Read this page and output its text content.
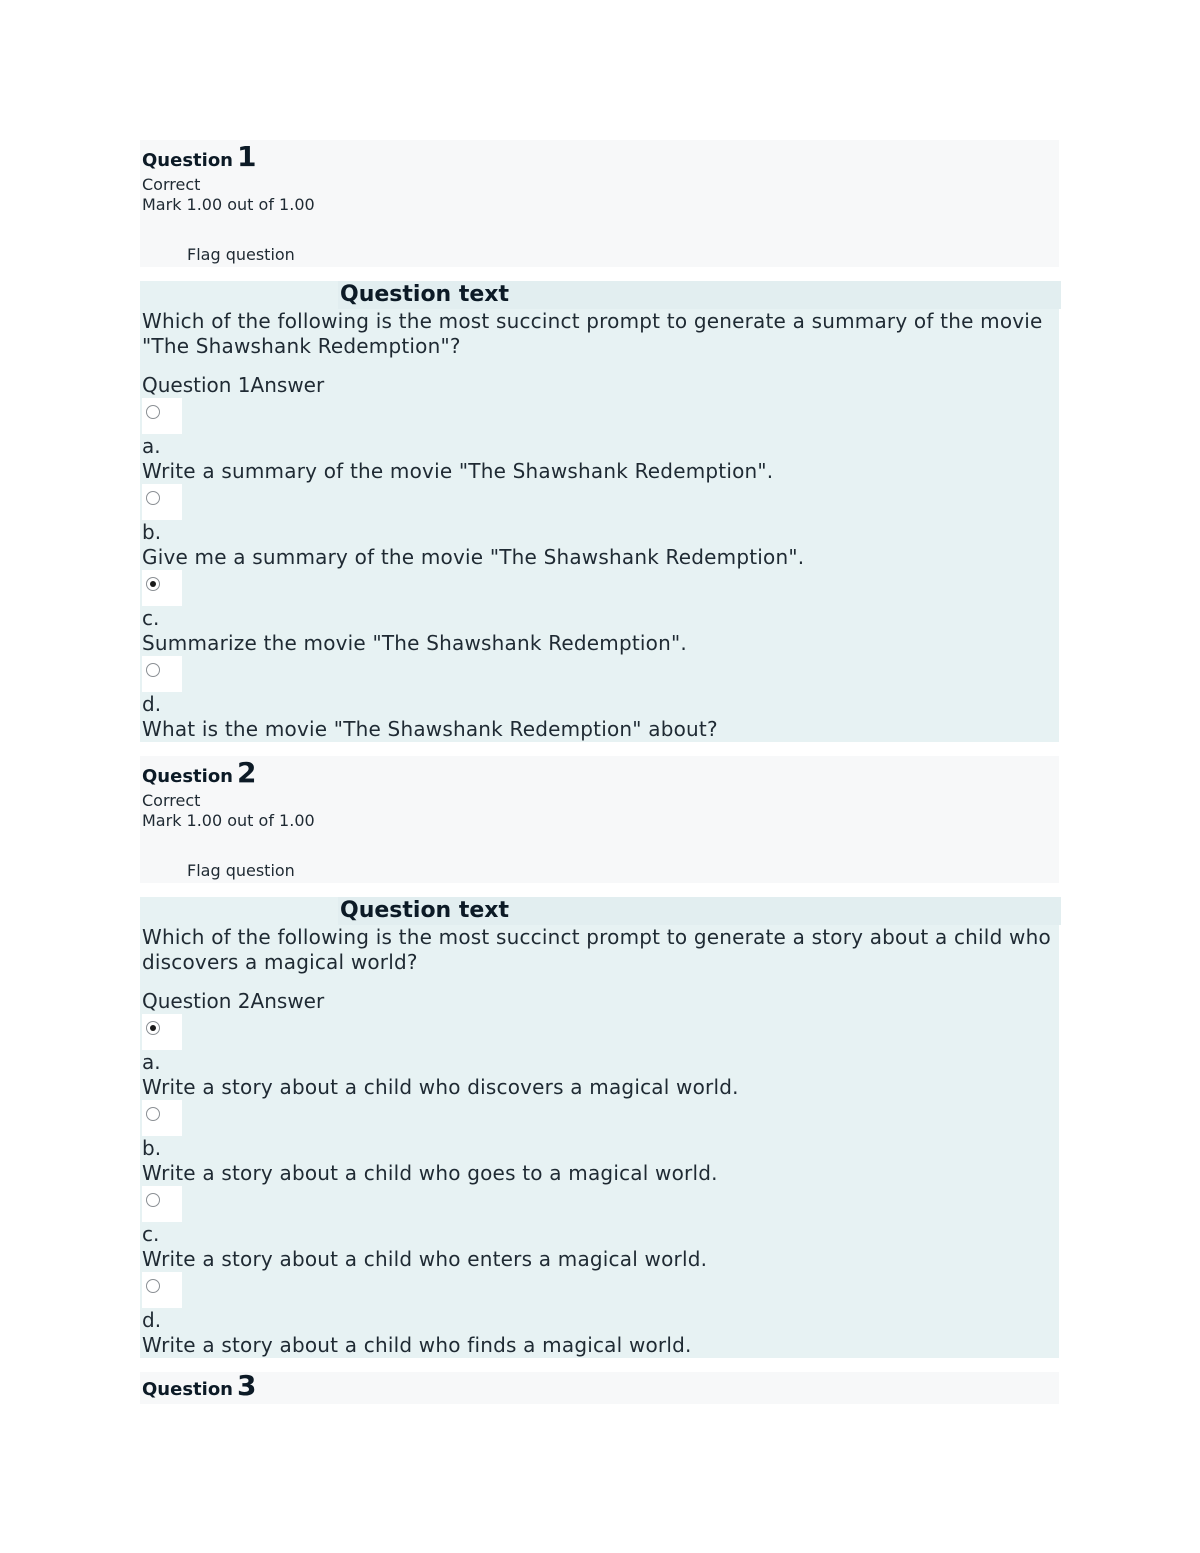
Question 1
Correct
Mark 1.00 out of 1.00
Flag question
Question text
Which of the following is the most succinct prompt to generate a summary of the movie "The Shawshank Redemption"?
Question 1Answer
a.
Write a summary of the movie "The Shawshank Redemption".
b.
Give me a summary of the movie "The Shawshank Redemption".
c.
Summarize the movie "The Shawshank Redemption".
d.
What is the movie "The Shawshank Redemption" about?
Question 2
Correct
Mark 1.00 out of 1.00
Flag question
Question text
Which of the following is the most succinct prompt to generate a story about a child who discovers a magical world?
Question 2Answer
a.
Write a story about a child who discovers a magical world.
b.
Write a story about a child who goes to a magical world.
c.
Write a story about a child who enters a magical world.
d.
Write a story about a child who finds a magical world.
Question 3
